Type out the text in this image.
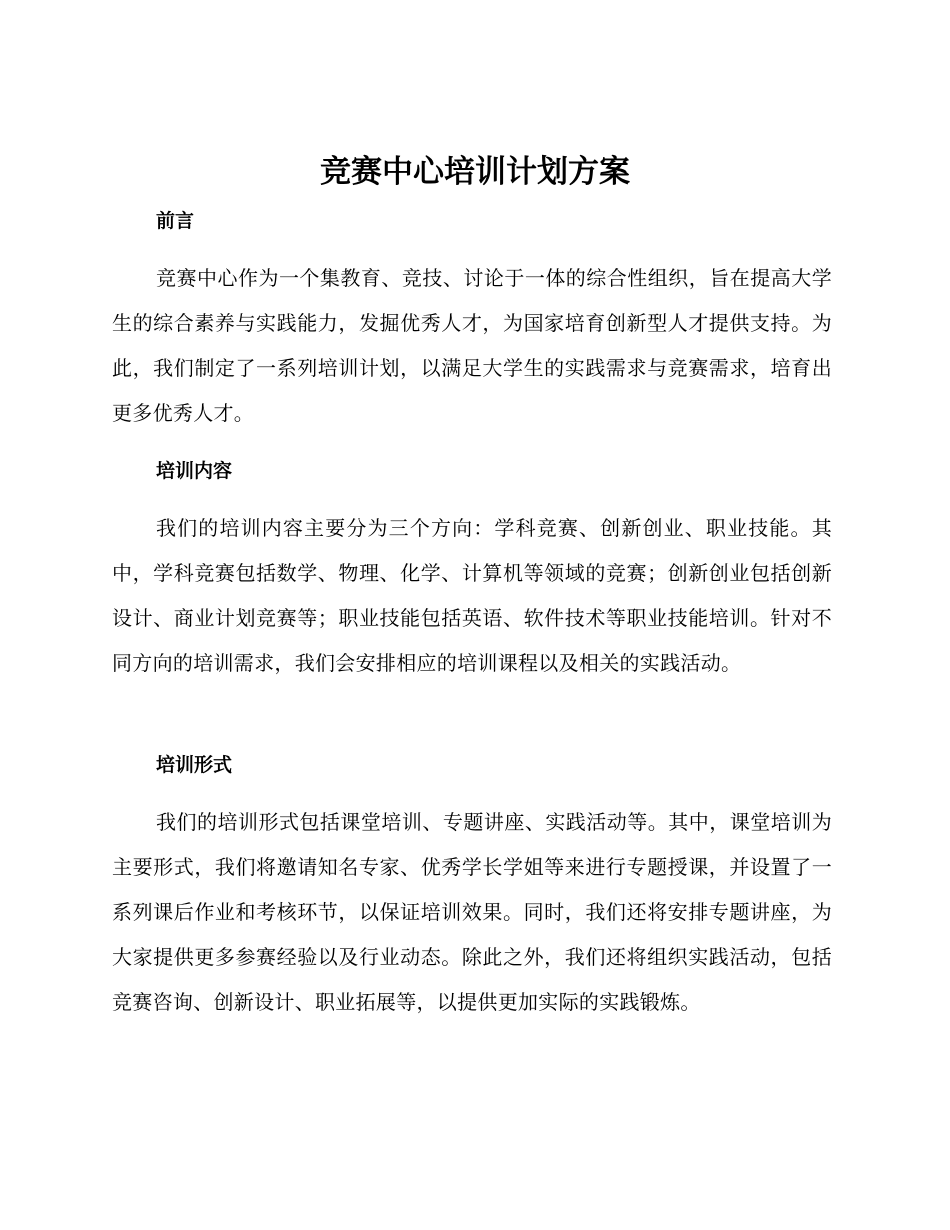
竞赛中心培训计划方案
前言
竞赛中心作为一个集教育、竞技、讨论于一体的综合性组织，旨在提高大学生的综合素养与实践能力，发掘优秀人才，为国家培育创新型人才提供支持。为此，我们制定了一系列培训计划，以满足大学生的实践需求与竞赛需求，培育出更多优秀人才。
培训内容
我们的培训内容主要分为三个方向：学科竞赛、创新创业、职业技能。其中，学科竞赛包括数学、物理、化学、计算机等领域的竞赛；创新创业包括创新设计、商业计划竞赛等；职业技能包括英语、软件技术等职业技能培训。针对不同方向的培训需求，我们会安排相应的培训课程以及相关的实践活动。
培训形式
我们的培训形式包括课堂培训、专题讲座、实践活动等。其中，课堂培训为主要形式，我们将邀请知名专家、优秀学长学姐等来进行专题授课，并设置了一系列课后作业和考核环节，以保证培训效果。同时，我们还将安排专题讲座，为大家提供更多参赛经验以及行业动态。除此之外，我们还将组织实践活动，包括竞赛咨询、创新设计、职业拓展等，以提供更加实际的实践锻炼。
